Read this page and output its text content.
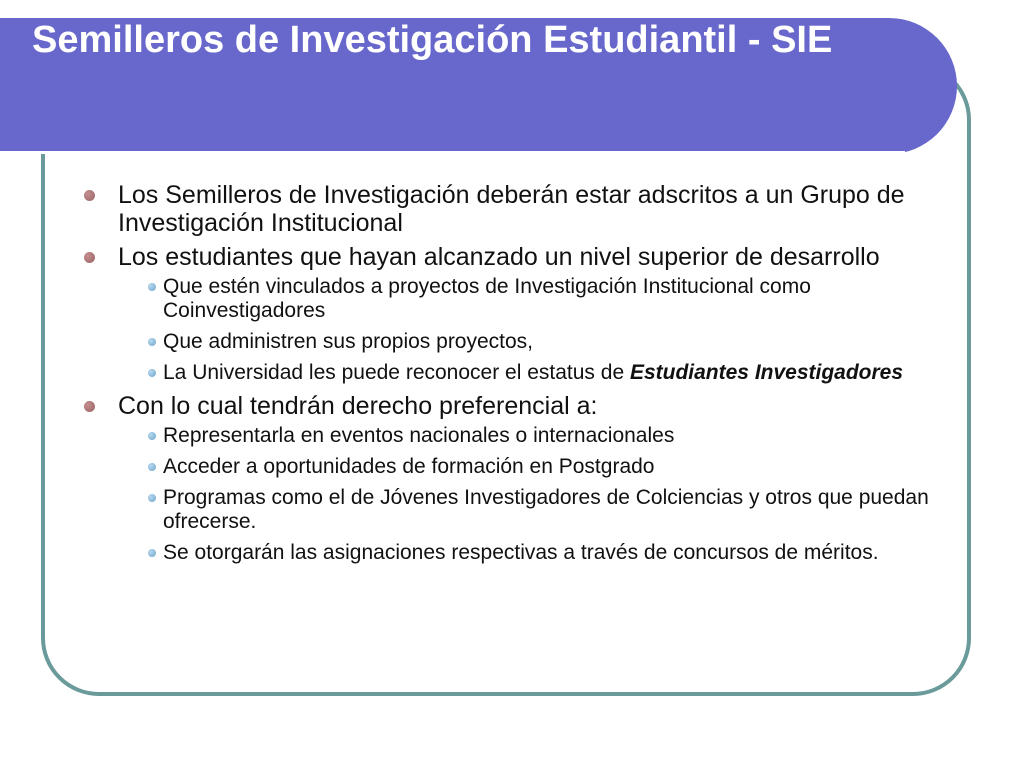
Semilleros de Investigación Estudiantil - SIE
Los Semilleros de Investigación deberán estar adscritos a un Grupo de Investigación Institucional
Los estudiantes que hayan alcanzado un nivel superior de desarrollo
Que estén vinculados a proyectos de Investigación Institucional como Coinvestigadores
Que administren sus propios proyectos,
La Universidad les puede reconocer el estatus de Estudiantes Investigadores
Con lo cual tendrán derecho preferencial a:
Representarla en eventos nacionales o internacionales
Acceder a oportunidades de formación en Postgrado
Programas como el de Jóvenes Investigadores de Colciencias y otros que puedan ofrecerse.
Se otorgarán las asignaciones respectivas a través de concursos de méritos.
